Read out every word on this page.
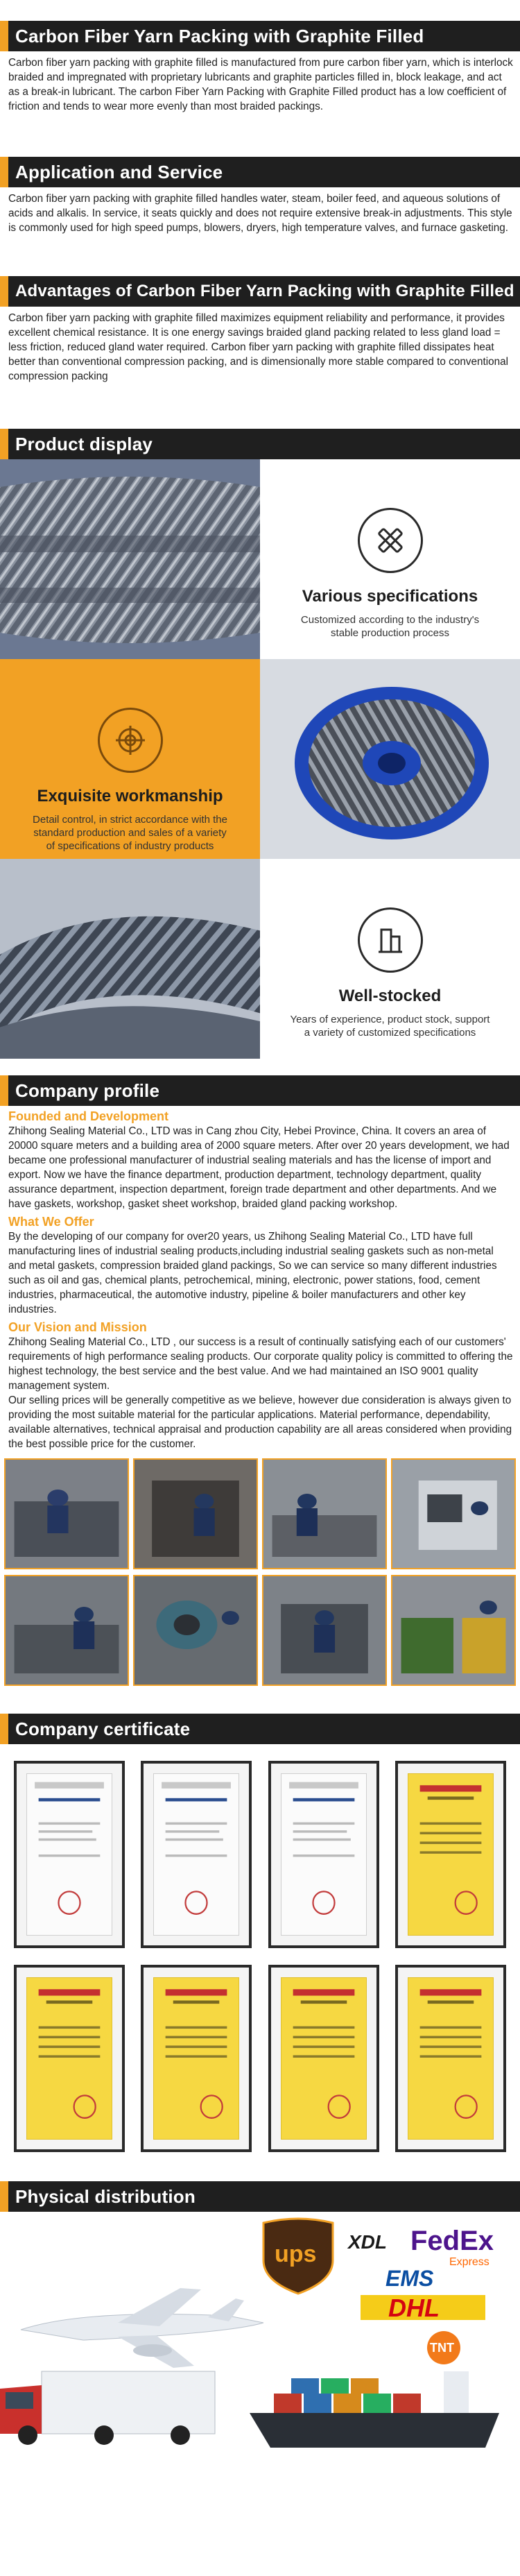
Carbon Fiber Yarn Packing with Graphite Filled

Carbon fiber yarn packing with graphite filled is manufactured from pure carbon fiber yarn, which is interlock braided and impregnated with proprietary lubricants and graphite particles filled in, block leakage, and act as a break-in lubricant. The carbon Fiber Yarn Packing with Graphite Filled product has a low coefficient of friction and tends to wear more evenly than most braided packings.

Application and Service

Carbon fiber yarn packing with graphite filled handles water, steam, boiler feed, and aqueous solutions of acids and alkalis. In service, it seats quickly and does not require extensive break-in adjustments. This style is commonly used for high speed pumps, blowers, dryers, high temperature valves, and furnace gasketing.

Advantages of Carbon Fiber Yarn Packing with Graphite Filled

Carbon fiber yarn packing with graphite filled maximizes equipment reliability and performance, it provides excellent chemical resistance. It is one energy savings braided gland packing related to less gland load = less friction, reduced gland water required. Carbon fiber yarn packing with graphite filled dissipates heat better than conventional compression packing, and is dimensionally more stable compared to conventional compression packing

Product display
Various specifications

Customized according to the industry's stable production process

Exquisite workmanship

Detail control, in strict accordance with the standard production and sales of a variety of specifications of industry products

Well-stocked

Years of experience, product stock, support a variety of customized specifications

Company profile
Founded and Development

Zhihong Sealing Material Co., LTD was in Cang zhou City, Hebei Province, China. It covers an area of 20000 square meters and a building area of 2000 square meters. After over 20 years development, we had became one professional manufacturer of industrial sealing materials and has the license of import and export. Now we have the finance department, production department, technology department, quality assurance department, inspection department, foreign trade department and other departments. And we have gaskets, workshop, gasket sheet workshop, braided gland packing workshop.

What We Offer

By the developing of our company for over20 years, us Zhihong Sealing Material Co., LTD have full manufacturing lines of industrial sealing products,including industrial sealing gaskets such as non-metal and metal gaskets, compression braided gland packings, So we can service so many different industries such as oil and gas, chemical plants, petrochemical, mining, electronic, power stations, food, cement industries, pharmaceutical, the automotive industry, pipeline & boiler manufacturers and other key industries.

Our Vision and Mission

Zhihong Sealing Material Co., LTD , our success is a result of continually satisfying each of our customers' requirements of high performance sealing products. Our corporate quality policy is committed to offering the highest technology, the best service and the best value. And we had maintained an ISO 9001 quality management system.
Our selling prices will be generally competitive as we believe, however due consideration is always given to providing the most suitable material for the particular applications. Material performance, dependability, available alternatives, technical appraisal and production capability are all areas considered when providing the best possible price for the customer.

Company certificate
Physical distribution
ups XDL FedEx
Express
EMS
DHL
TNT
